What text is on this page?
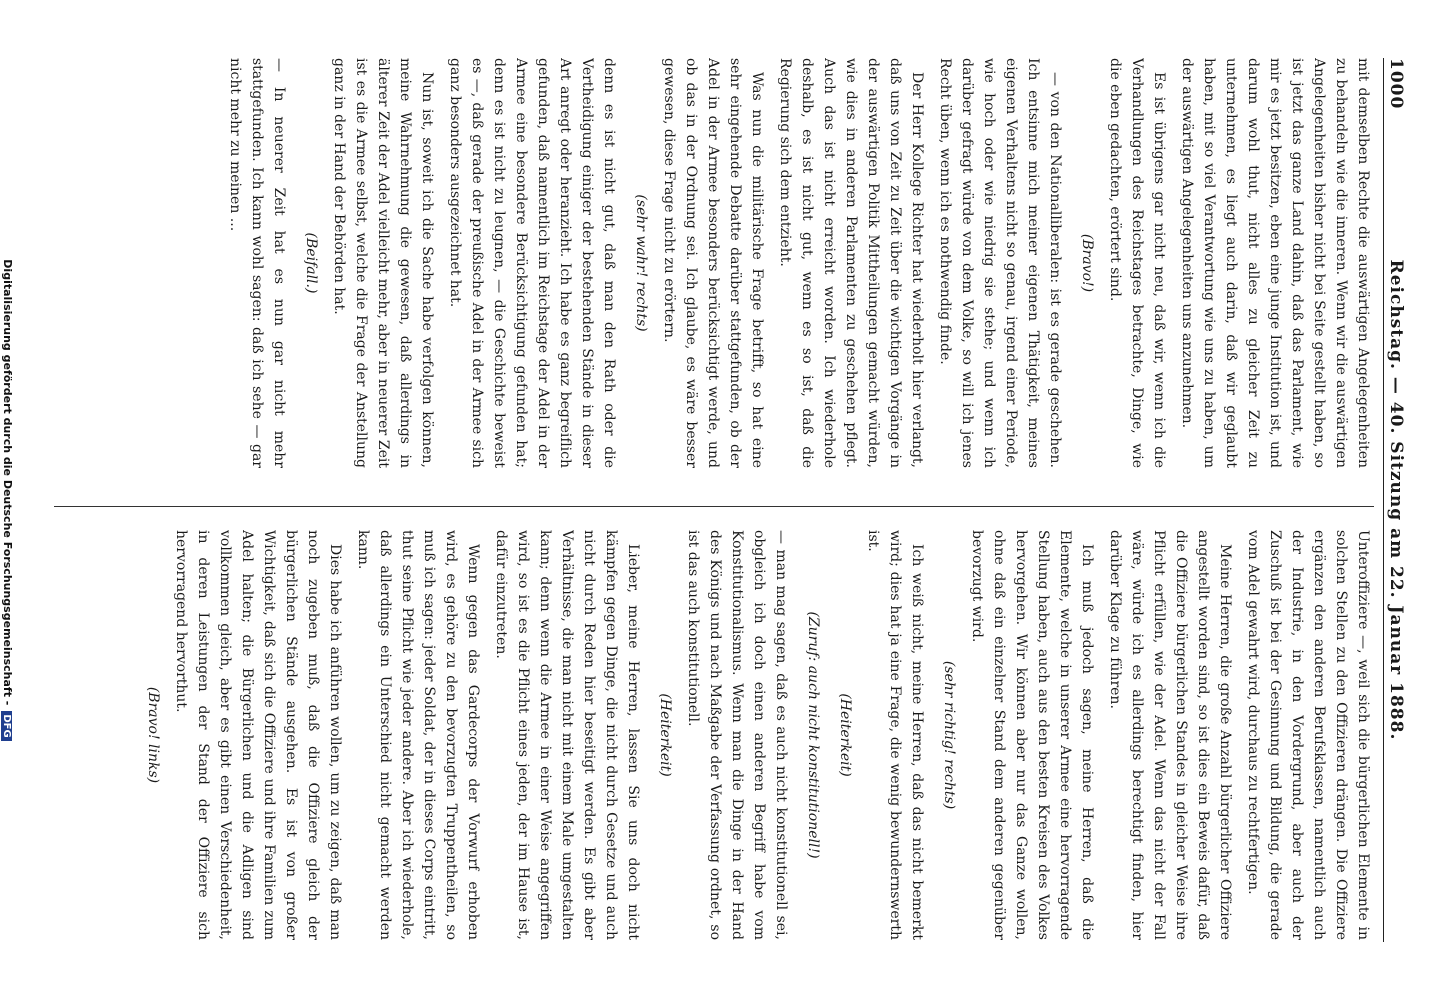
1000
Reichstag. — 40. Sitzung am 22. Januar 1888.

mit demselben Rechte die auswärtigen Angelegenheiten zu behandeln wie die inneren. Wenn wir die auswärtigen Angelegenheiten bisher nicht bei Seite gestellt haben, so ist jetzt das ganze Land dahin, daß das Parlament, wie mir es jetzt besitzen, eben eine junge Institution ist, und darum wohl thut, nicht alles zu gleicher Zeit zu unternehmen, es liegt auch darin, daß wir geglaubt haben, mit so viel Verantwortung wie uns zu haben, um der auswärtigen Angelegenheiten uns anzunehmen.

Es ist übrigens gar nicht neu, daß wir, wenn ich die Verhandlungen des Reichstages betrachte, Dinge, wie die eben gedachten, erörtert sind.

(Bravo!)

— von den Nationalliberalen: ist es gerade geschehen. Ich entsinne mich meiner eigenen Thätigkeit, meines eigenen Verhaltens nicht so genau, irgend einer Periode, wie hoch oder wie niedrig sie stehe; und wenn ich darüber gefragt würde von dem Volke, so will ich jenes Recht üben, wenn ich es nothwendig finde.

Der Herr Kollege Richter hat wiederholt hier verlangt, daß uns von Zeit zu Zeit über die wichtigen Vorgänge in der auswärtigen Politik Mittheilungen gemacht würden, wie dies in anderen Parlamenten zu geschehen pflegt. Auch das ist nicht erreicht worden. Ich wiederhole deshalb, es ist nicht gut, wenn es so ist, daß die Regierung sich dem entzieht.

Was nun die militärische Frage betrifft, so hat eine sehr eingehende Debatte darüber stattgefunden, ob der Adel in der Armee besonders berücksichtigt werde, und ob das in der Ordnung sei. Ich glaube, es wäre besser gewesen, diese Frage nicht zu erörtern.

(sehr wahr! rechts)

denn es ist nicht gut, daß man den Rath oder die Vertheidigung einiger der bestehenden Stände in dieser Art anregt oder heranzieht. Ich habe es ganz begreiflich gefunden, daß namentlich im Reichstage der Adel in der Armee eine besondere Berücksichtigung gefunden hat; denn es ist nicht zu leugnen, — die Geschichte beweist es —, daß gerade der preußische Adel in der Armee sich ganz besonders ausgezeichnet hat.

Nun ist, soweit ich die Sache habe verfolgen können, meine Wahrnehmung die gewesen, daß allerdings in älterer Zeit der Adel vielleicht mehr, aber in neuerer Zeit ist es die Armee selbst, welche die Frage der Anstellung ganz in der Hand der Behörden hat.

(Beifall.)

— In neuerer Zeit hat es nun gar nicht mehr stattgefunden. Ich kann wohl sagen: daß ich sehe — gar nicht mehr zu meinen ...

Unteroffiziere —, weil sich die bürgerlichen Elemente in solchen Stellen zu den Offizieren drängen. Die Offiziere ergänzen den anderen Berufsklassen, namentlich auch der Industrie, in den Vordergrund, aber auch der Zuschuß ist bei der Gesinnung und Bildung, die gerade vom Adel gewahrt wird, durchaus zu rechtfertigen.

Meine Herren, die große Anzahl bürgerlicher Offiziere angestellt worden sind, so ist dies ein Beweis dafür, daß die Offiziere bürgerlichen Standes in gleicher Weise ihre Pflicht erfüllen, wie der Adel. Wenn das nicht der Fall wäre, würde ich es allerdings berechtigt finden, hier darüber Klage zu führen.

Ich muß jedoch sagen, meine Herren, daß die Elemente, welche in unserer Armee eine hervorragende Stellung haben, auch aus den besten Kreisen des Volkes hervorgehen. Wir können aber nur das Ganze wollen, ohne daß ein einzelner Stand dem anderen gegenüber bevorzugt wird.

(sehr richtig! rechts)

Ich weiß nicht, meine Herren, daß das nicht bemerkt wird; dies hat ja eine Frage, die wenig bewundernswerth ist.

(Heiterkeit)

(Zuruf: auch nicht konstitutionell!)

— man mag sagen, daß es auch nicht konstitutionell sei, obgleich ich doch einen anderen Begriff habe vom Konstitutionalismus. Wenn man die Dinge in der Hand des Königs und nach Maßgabe der Verfassung ordnet, so ist das auch konstitutionell.

(Heiterkeit)

Lieber, meine Herren, lassen Sie uns doch nicht kämpfen gegen Dinge, die nicht durch Gesetze und auch nicht durch Reden hier beseitigt werden. Es gibt aber Verhältnisse, die man nicht mit einem Male umgestalten kann; denn wenn die Armee in einer Weise angegriffen wird, so ist es die Pflicht eines jeden, der im Hause ist, dafür einzutreten.

Wenn gegen das Gardecorps der Vorwurf erhoben wird, es gehöre zu den bevorzugten Truppentheilen, so muß ich sagen: jeder Soldat, der in dieses Corps eintritt, thut seine Pflicht wie jeder andere. Aber ich wiederhole, daß allerdings ein Unterschied nicht gemacht werden kann.

Dies habe ich anführen wollen, um zu zeigen, daß man noch zugeben muß, daß die Offiziere gleich der bürgerlichen Stände ausgehen. Es ist von großer Wichtigkeit, daß sich die Offiziere und ihre Familien zum Adel halten; die Bürgerlichen und die Adligen sind vollkommen gleich, aber es gibt einen Verschiedenheit, in deren Leistungen der Stand der Offiziere sich hervorragend hervorthut.

(Bravo! links)

Digitalisierung gefördert durch die Deutsche Forschungsgemeinschaft -DFG
